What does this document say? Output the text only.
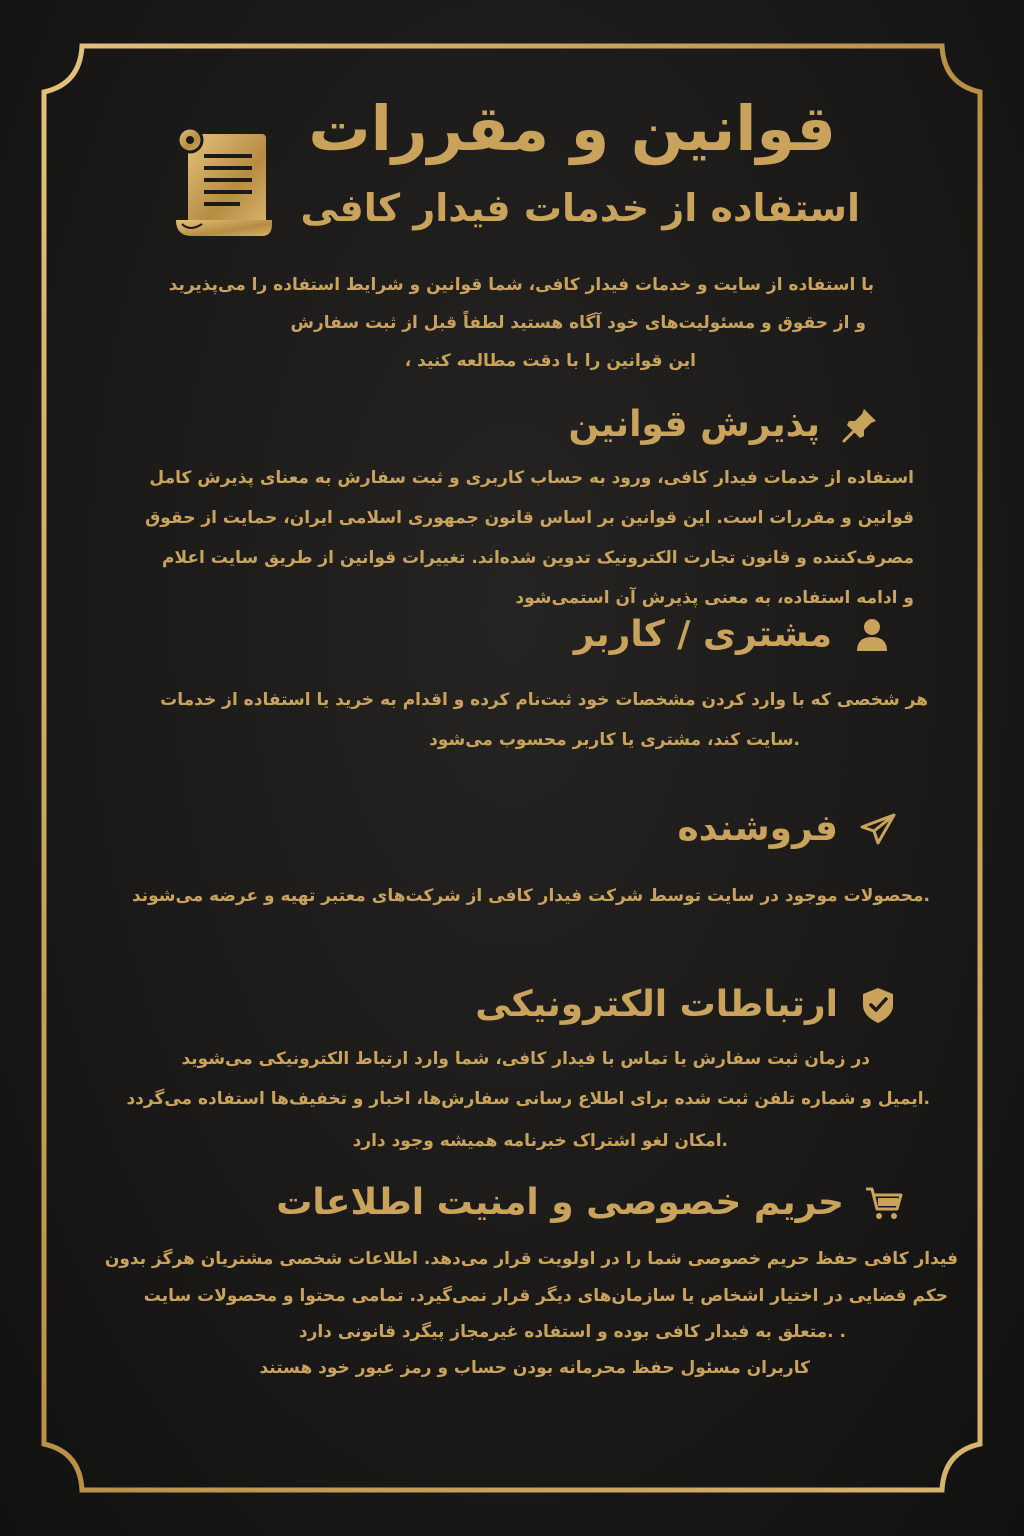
قوانین و مقررات
استفاده از خدمات فیدار کافی
با استفاده از سایت و خدمات فیدار کافی، شما قوانین و شرایط استفاده را می‌پذیرید
و از حقوق و مسئولیت‌های خود آگاه هستید لطفاً قبل از ثبت سفارش
این قوانین را با دقت مطالعه کنید ،
پذیرش قوانین
استفاده از خدمات فیدار کافی، ورود به حساب کاربری و ثبت سفارش به معنای پذیرش کامل
قوانین و مقررات است. این قوانین بر اساس قانون جمهوری اسلامی ایران، حمایت از حقوق
مصرف‌کننده و قانون تجارت الکترونیک تدوین شده‌اند. تغییرات قوانین از طریق سایت اعلام
و ادامه استفاده، به معنی پذیرش آن استمی‌شود
مشتری / کاربر
هر شخصی که با وارد کردن مشخصات خود ثبت‌نام کرده و اقدام به خرید یا استفاده از خدمات
.سایت کند، مشتری یا کاربر محسوب می‌شود
فروشنده
.محصولات موجود در سایت توسط شرکت فیدار کافی از شرکت‌های معتبر تهیه و عرضه می‌شوند
ارتباطات الکترونیکی
در زمان ثبت سفارش یا تماس با فیدار کافی، شما وارد ارتباط الکترونیکی می‌شوید
.ایمیل و شماره تلفن ثبت شده برای اطلاع رسانی سفارش‌ها، اخبار و تخفیف‌ها استفاده می‌گردد
.امکان لغو اشتراک خبرنامه همیشه وجود دارد
حریم خصوصی و امنیت اطلاعات
فیدار کافی حفظ حریم خصوصی شما را در اولویت قرار می‌دهد. اطلاعات شخصی مشتریان هرگز بدون
حکم قضایی در اختیار اشخاص یا سازمان‌های دیگر قرار نمی‌گیرد. تمامی محتوا و محصولات سایت
. .متعلق به فیدار کافی بوده و استفاده غیرمجاز پیگرد قانونی دارد
کاربران مسئول حفظ محرمانه بودن حساب و رمز عبور خود هستند
